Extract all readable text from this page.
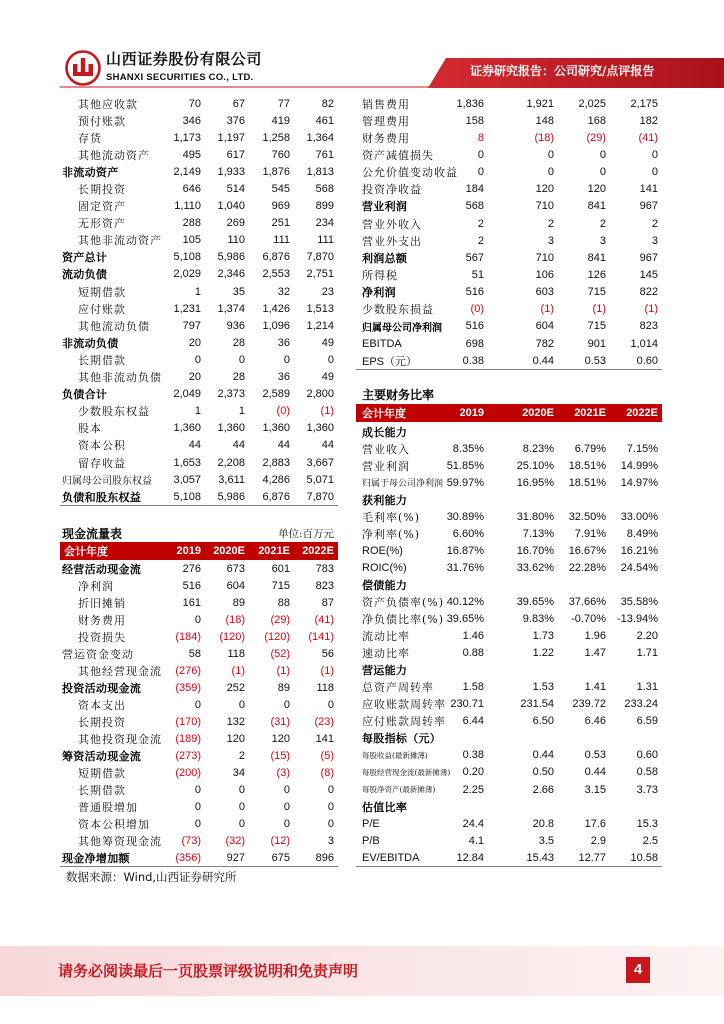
山西证券股份有限公司
SHANXI SECURITIES CO., LTD.	证券研究报告：公司研究/点评报告
其他应收款	70	67	77	82
预付账款	346	376	419	461
存货	1,173	1,197	1,258	1,364
其他流动资产	495	617	760	761
非流动资产	2,149	1,933	1,876	1,813
长期投资	646	514	545	568
固定资产	1,110	1,040	969	899
无形资产	288	269	251	234
其他非流动资产	105	110	111	111
资产总计	5,108	5,986	6,876	7,870
流动负债	2,029	2,346	2,553	2,751
短期借款	1	35	32	23
应付账款	1,231	1,374	1,426	1,513
其他流动负债	797	936	1,096	1,214
非流动负债	20	28	36	49
长期借款	0	0	0	0
其他非流动负债	20	28	36	49
负债合计	2,049	2,373	2,589	2,800
少数股东权益	1	1	(0)	(1)
股本	1,360	1,360	1,360	1,360
资本公积	44	44	44	44
留存收益	1,653	2,208	2,883	3,667
归属母公司股东权益	3,057	3,611	4,286	5,071
负债和股东权益	5,108	5,986	6,876	7,870
现金流量表	单位:百万元
会计年度	2019	2020E	2021E	2022E
经营活动现金流	276	673	601	783
净利润	516	604	715	823
折旧摊销	161	89	88	87
财务费用	0	(18)	(29)	(41)
投资损失	(184)	(120)	(120)	(141)
营运资金变动	58	118	(52)	56
其他经营现金流	(276)	(1)	(1)	(1)
投资活动现金流	(359)	252	89	118
资本支出	0	0	0	0
长期投资	(170)	132	(31)	(23)
其他投资现金流	(189)	120	120	141
筹资活动现金流	(273)	2	(15)	(5)
短期借款	(200)	34	(3)	(8)
长期借款	0	0	0	0
普通股增加	0	0	0	0
资本公积增加	0	0	0	0
其他筹资现金流	(73)	(32)	(12)	3
现金净增加额	(356)	927	675	896
销售费用	1,836	1,921	2,025	2,175
管理费用	158	148	168	182
财务费用	8	(18)	(29)	(41)
资产减值损失	0	0	0	0
公允价值变动收益	0	0	0	0
投资净收益	184	120	120	141
营业利润	568	710	841	967
营业外收入	2	2	2	2
营业外支出	2	3	3	3
利润总额	567	710	841	967
所得税	51	106	126	145
净利润	516	603	715	822
少数股东损益	(0)	(1)	(1)	(1)
归属母公司净利润	516	604	715	823
EBITDA	698	782	901	1,014
EPS（元）	0.38	0.44	0.53	0.60
主要财务比率
会计年度	2019	2020E	2021E	2022E
成长能力
营业收入	8.35%	8.23%	6.79%	7.15%
营业利润	51.85%	25.10%	18.51%	14.99%
归属于母公司净利润 59.97%	16.95%	18.51%	14.97%
获利能力
毛利率(%)	30.89%	31.80%	32.50%	33.00%
净利率(%)	6.60%	7.13%	7.91%	8.49%
ROE(%)	16.87%	16.70%	16.67%	16.21%
ROIC(%)	31.76%	33.62%	22.28%	24.54%
偿债能力
资产负债率(%) 40.12%	39.65%	37.66%	35.58%
净负债比率(%) 39.65%	9.83%	-0.70%	-13.94%
流动比率	1.46	1.73	1.96	2.20
速动比率	0.88	1.22	1.47	1.71
营运能力
总资产周转率	1.58	1.53	1.41	1.31
应收账款周转率 230.71	231.54	239.72	233.24
应付账款周转率	6.44	6.50	6.46	6.59
每股指标（元）
每股收益(最新摊薄)	0.38	0.44	0.53	0.60
每股经营现金流(最新摊薄)	0.20	0.50	0.44	0.58
每股净资产(最新摊薄)	2.25	2.66	3.15	3.73
估值比率
P/E	24.4	20.8	17.6	15.3
P/B	4.1	3.5	2.9	2.5
EV/EBITDA	12.84	15.43	12.77	10.58
数据来源：Wind,山西证券研究所
请务必阅读最后一页股票评级说明和免责声明	4
